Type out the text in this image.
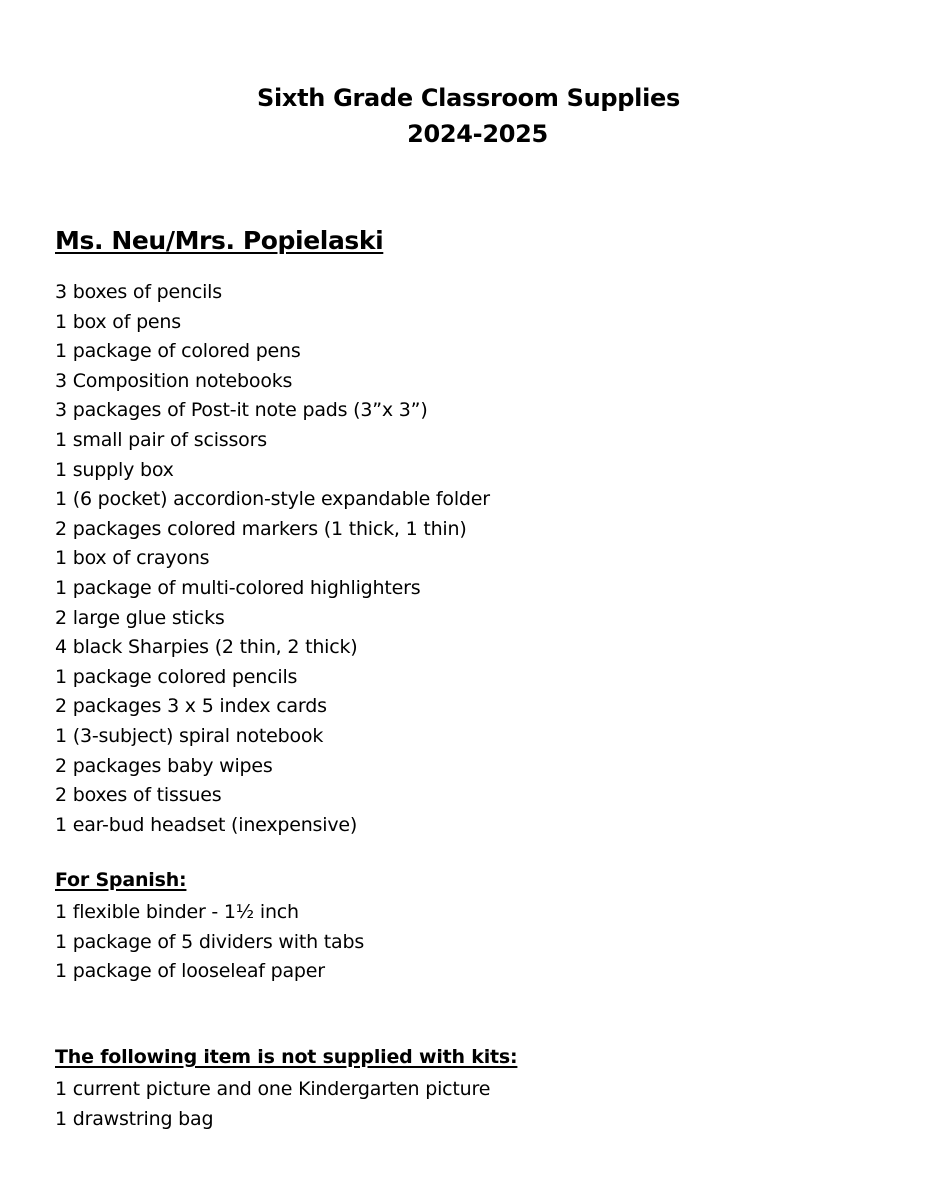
Sixth Grade Classroom Supplies
2024-2025
Ms. Neu/Mrs. Popielaski
3 boxes of pencils
1 box of pens
1 package of colored pens
3 Composition notebooks
3 packages of Post-it note pads (3”x 3”)
1 small pair of scissors
1 supply box
1 (6 pocket) accordion-style expandable folder
2 packages colored markers (1 thick, 1 thin)
1 box of crayons
1 package of multi-colored highlighters
2 large glue sticks
4 black Sharpies (2 thin, 2 thick)
1 package colored pencils
2 packages 3 x 5 index cards
1 (3-subject) spiral notebook
2 packages baby wipes
2 boxes of tissues
1 ear-bud headset (inexpensive)
For Spanish:
1 flexible binder - 1½ inch
1 package of 5 dividers with tabs
1 package of looseleaf paper
The following item is not supplied with kits:
1 current picture and one Kindergarten picture
1 drawstring bag
